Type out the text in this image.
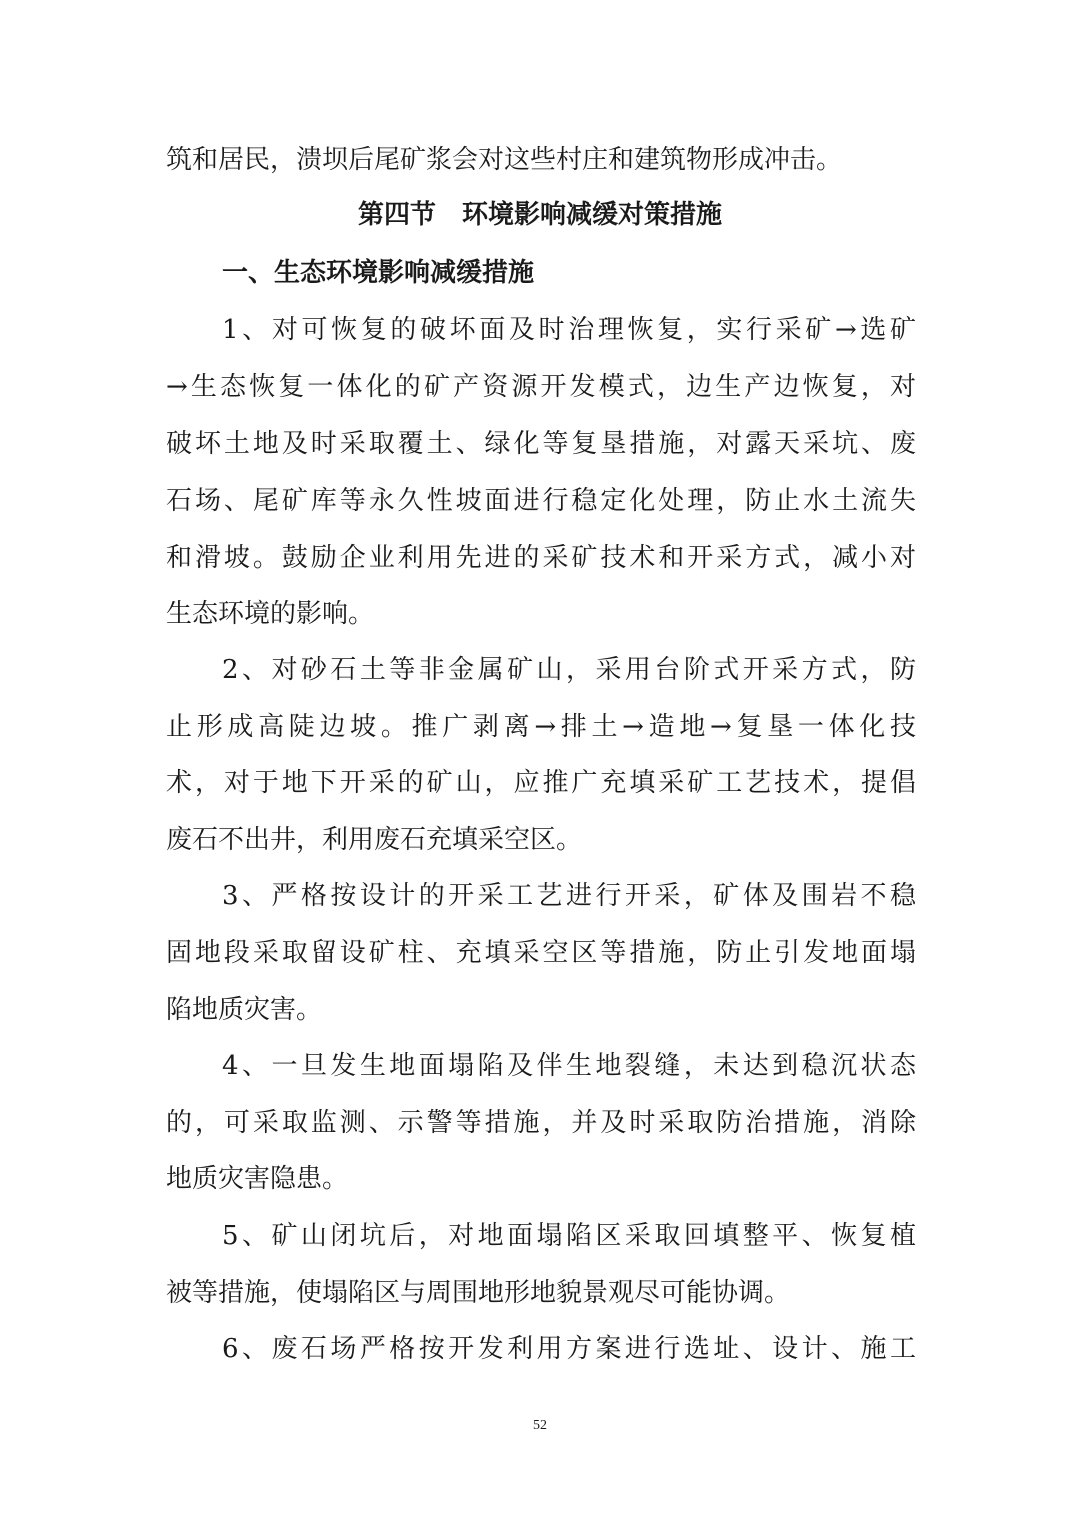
筑和居民，溃坝后尾矿浆会对这些村庄和建筑物形成冲击。
第四节　环境影响减缓对策措施
一、生态环境影响减缓措施
1、对可恢复的破坏面及时治理恢复，实行采矿→选矿
→生态恢复一体化的矿产资源开发模式，边生产边恢复，对
破坏土地及时采取覆土、绿化等复垦措施，对露天采坑、废
石场、尾矿库等永久性坡面进行稳定化处理，防止水土流失
和滑坡。鼓励企业利用先进的采矿技术和开采方式，减小对
生态环境的影响。
2、对砂石土等非金属矿山，采用台阶式开采方式，防
止形成高陡边坡。推广剥离→排土→造地→复垦一体化技
术，对于地下开采的矿山，应推广充填采矿工艺技术，提倡
废石不出井，利用废石充填采空区。
3、严格按设计的开采工艺进行开采，矿体及围岩不稳
固地段采取留设矿柱、充填采空区等措施，防止引发地面塌
陷地质灾害。
4、一旦发生地面塌陷及伴生地裂缝，未达到稳沉状态
的，可采取监测、示警等措施，并及时采取防治措施，消除
地质灾害隐患。
5、矿山闭坑后，对地面塌陷区采取回填整平、恢复植
被等措施，使塌陷区与周围地形地貌景观尽可能协调。
6、废石场严格按开发利用方案进行选址、设计、施工
52
